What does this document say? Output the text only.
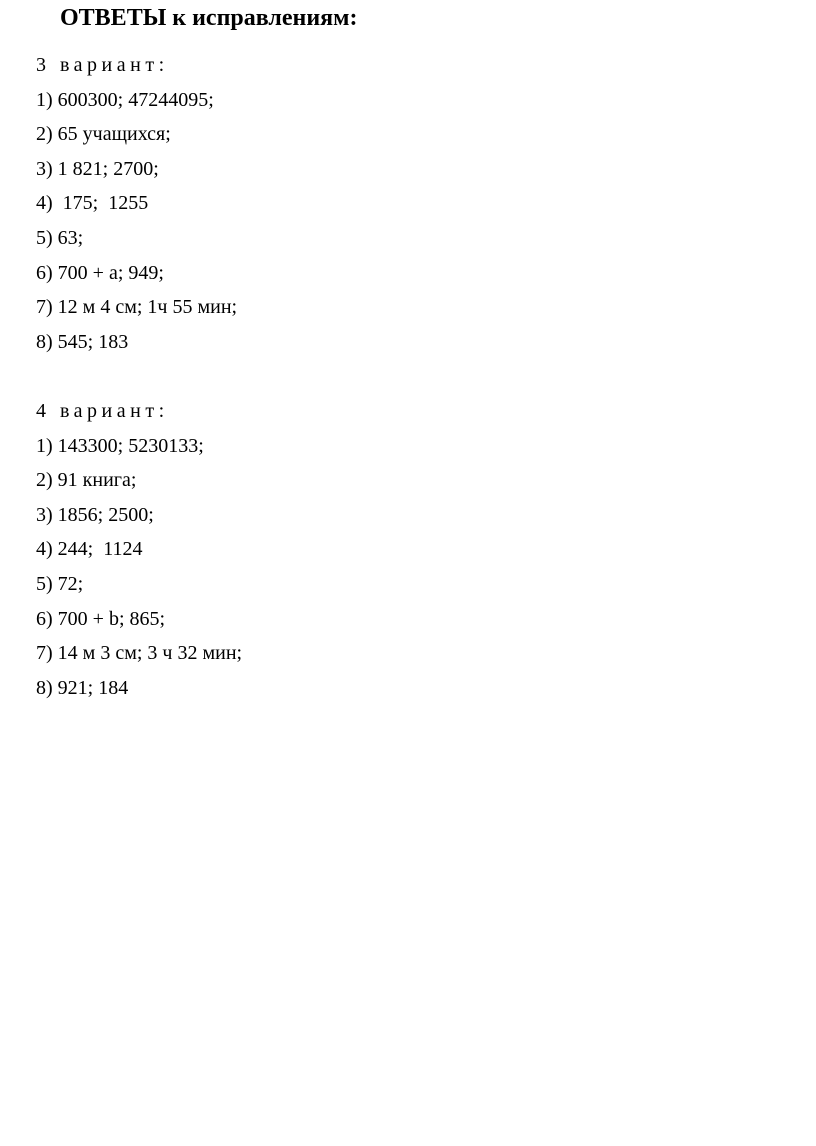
ОТВЕТЫ к исправлениям:
3 вариант:
1) 600300; 47244095;
2) 65 учащихся;
3) 1 821; 2700;
4)  175;  1255
5) 63;
6) 700 + а; 949;
7) 12 м 4 см; 1ч 55 мин;
8) 545; 183
4 вариант:
1) 143300; 5230133;
2) 91 книга;
3) 1856; 2500;
4) 244;  1124
5) 72;
6) 700 + b; 865;
7) 14 м 3 см; 3 ч 32 мин;
8) 921; 184
